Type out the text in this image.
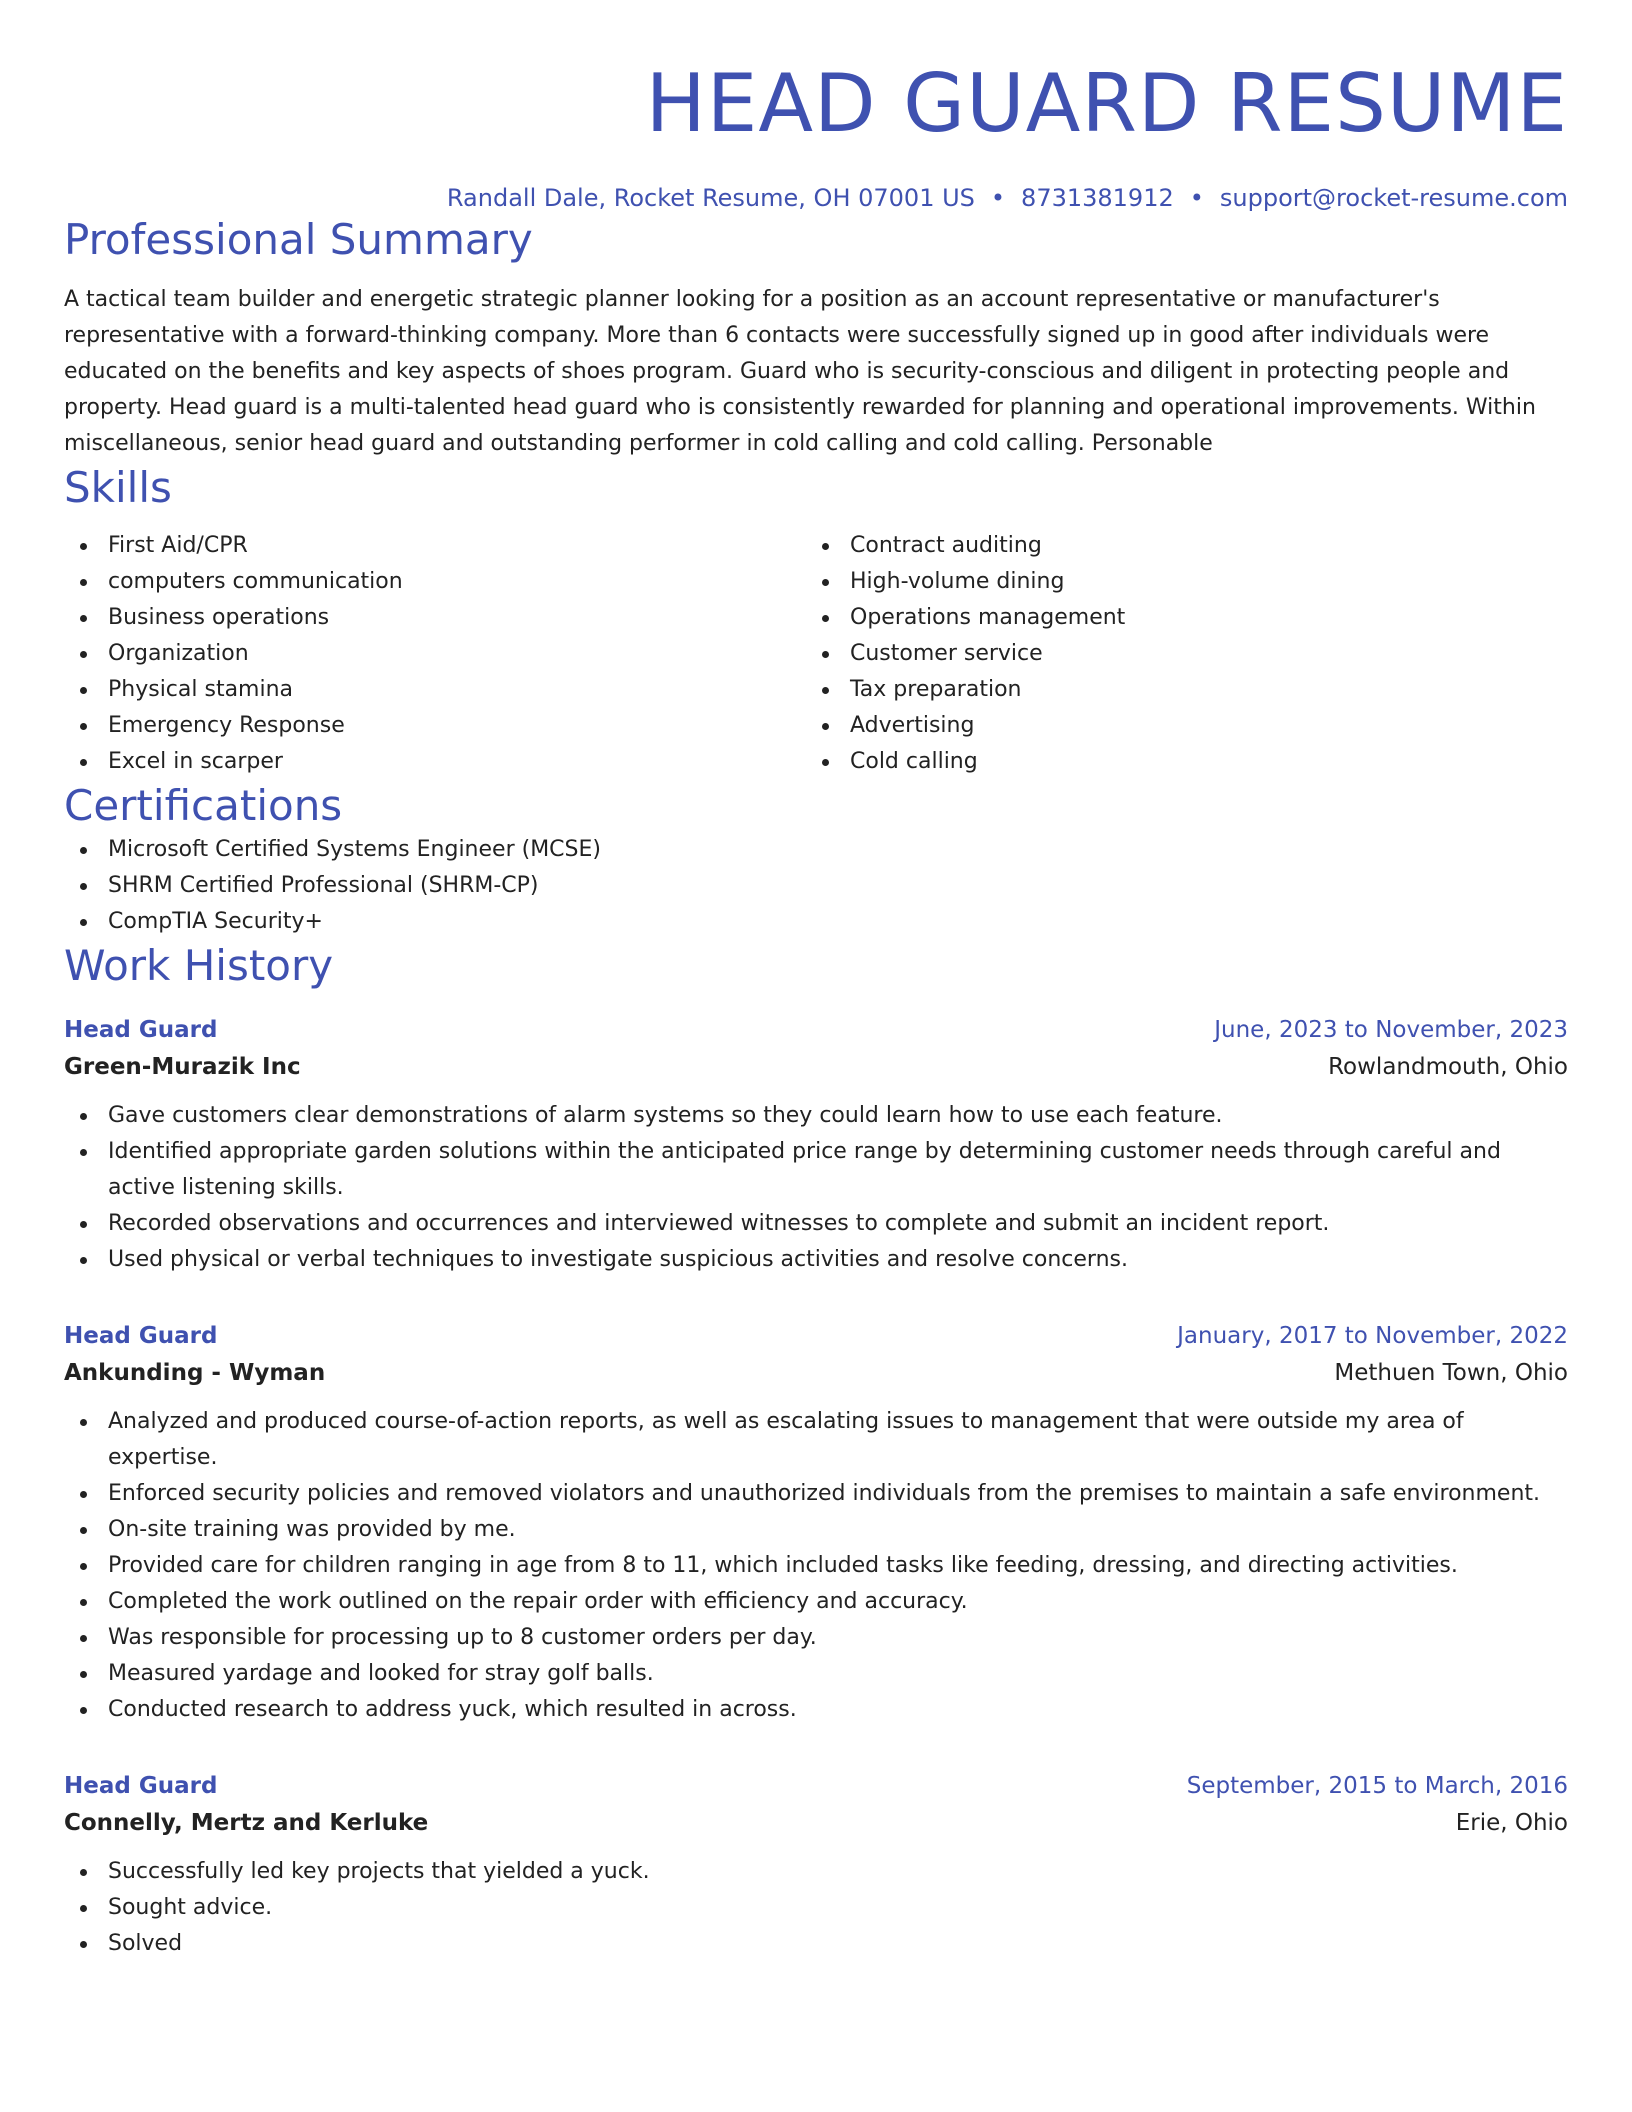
HEAD GUARD RESUME
Randall Dale, Rocket Resume, OH 07001 US • 8731381912 • support@rocket-resume.com
Professional Summary
A tactical team builder and energetic strategic planner looking for a position as an account representative or manufacturer's representative with a forward-thinking company. More than 6 contacts were successfully signed up in good after individuals were educated on the benefits and key aspects of shoes program. Guard who is security-conscious and diligent in protecting people and property. Head guard is a multi-talented head guard who is consistently rewarded for planning and operational improvements. Within miscellaneous, senior head guard and outstanding performer in cold calling and cold calling. Personable
Skills
First Aid/CPR
computers communication
Business operations
Organization
Physical stamina
Emergency Response
Excel in scarper
Contract auditing
High-volume dining
Operations management
Customer service
Tax preparation
Advertising
Cold calling
Certifications
Microsoft Certified Systems Engineer (MCSE)
SHRM Certified Professional (SHRM-CP)
CompTIA Security+
Work History
Head Guard	June, 2023 to November, 2023
Green-Murazik Inc	Rowlandmouth, Ohio
Gave customers clear demonstrations of alarm systems so they could learn how to use each feature.
Identified appropriate garden solutions within the anticipated price range by determining customer needs through careful and active listening skills.
Recorded observations and occurrences and interviewed witnesses to complete and submit an incident report.
Used physical or verbal techniques to investigate suspicious activities and resolve concerns.
Head Guard	January, 2017 to November, 2022
Ankunding - Wyman	Methuen Town, Ohio
Analyzed and produced course-of-action reports, as well as escalating issues to management that were outside my area of expertise.
Enforced security policies and removed violators and unauthorized individuals from the premises to maintain a safe environment.
On-site training was provided by me.
Provided care for children ranging in age from 8 to 11, which included tasks like feeding, dressing, and directing activities.
Completed the work outlined on the repair order with efficiency and accuracy.
Was responsible for processing up to 8 customer orders per day.
Measured yardage and looked for stray golf balls.
Conducted research to address yuck, which resulted in across.
Head Guard	September, 2015 to March, 2016
Connelly, Mertz and Kerluke	Erie, Ohio
Successfully led key projects that yielded a yuck.
Sought advice.
Solved
